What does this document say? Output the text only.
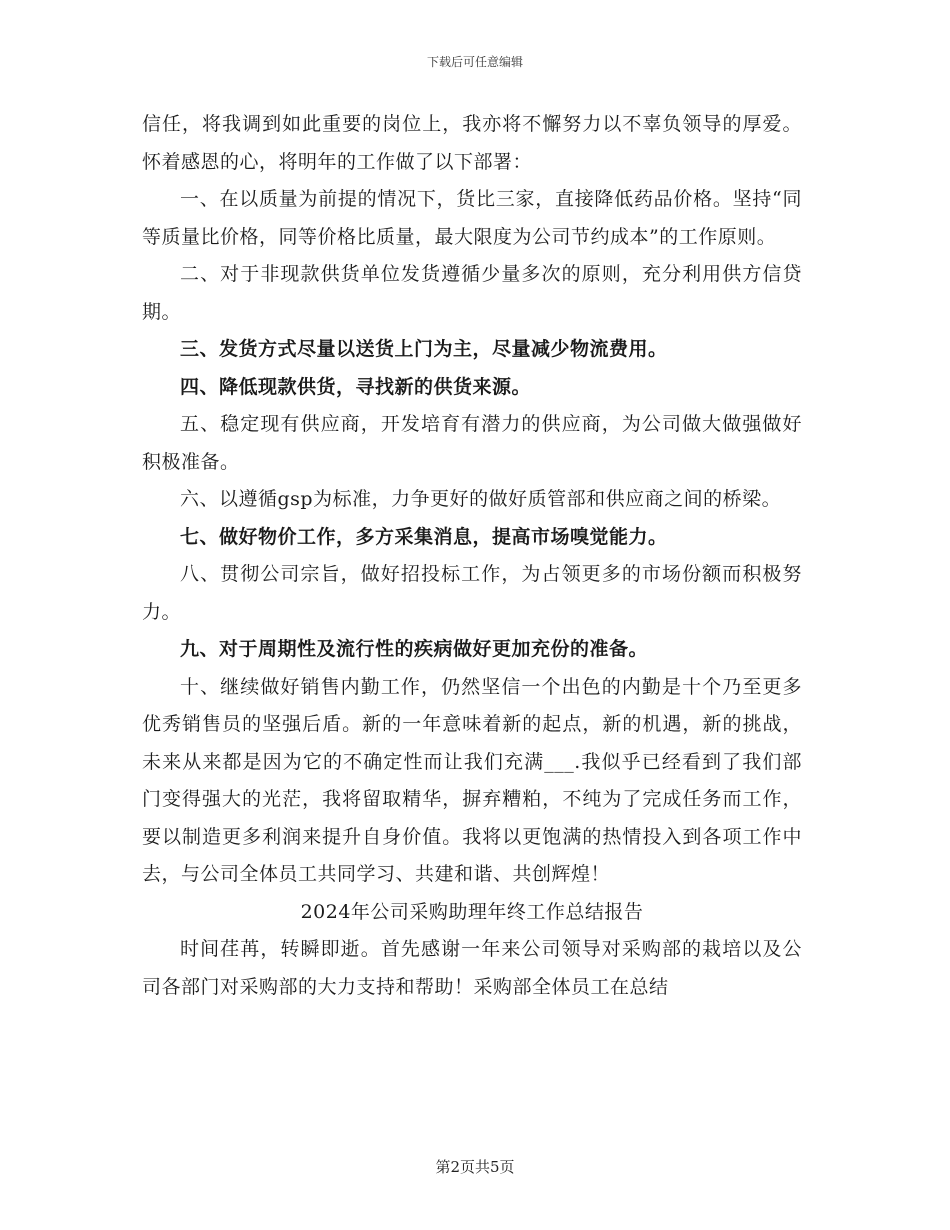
下载后可任意编辑

信任，将我调到如此重要的岗位上，我亦将不懈努力以不辜负领导的厚爱。怀着感恩的心，将明年的工作做了以下部署：

一、在以质量为前提的情况下，货比三家，直接降低药品价格。坚持“同等质量比价格，同等价格比质量，最大限度为公司节约成本”的工作原则。

二、对于非现款供货单位发货遵循少量多次的原则，充分利用供方信贷期。

三、发货方式尽量以送货上门为主，尽量减少物流费用。

四、降低现款供货，寻找新的供货来源。

五、稳定现有供应商，开发培育有潜力的供应商，为公司做大做强做好积极准备。

六、以遵循gsp为标准，力争更好的做好质管部和供应商之间的桥梁。

七、做好物价工作，多方采集消息，提高市场嗅觉能力。

八、贯彻公司宗旨，做好招投标工作，为占领更多的市场份额而积极努力。

九、对于周期性及流行性的疾病做好更加充份的准备。

十、继续做好销售内勤工作，仍然坚信一个出色的内勤是十个乃至更多优秀销售员的坚强后盾。新的一年意味着新的起点，新的机遇，新的挑战，未来从来都是因为它的不确定性而让我们充满___.我似乎已经看到了我们部门变得强大的光茫，我将留取精华，摒弃糟粕，不纯为了完成任务而工作，要以制造更多利润来提升自身价值。我将以更饱满的热情投入到各项工作中去，与公司全体员工共同学习、共建和谐、共创辉煌！

2024年公司采购助理年终工作总结报告

时间荏苒，转瞬即逝。首先感谢一年来公司领导对采购部的栽培以及公司各部门对采购部的大力支持和帮助！采购部全体员工在总结

第2页共5页
